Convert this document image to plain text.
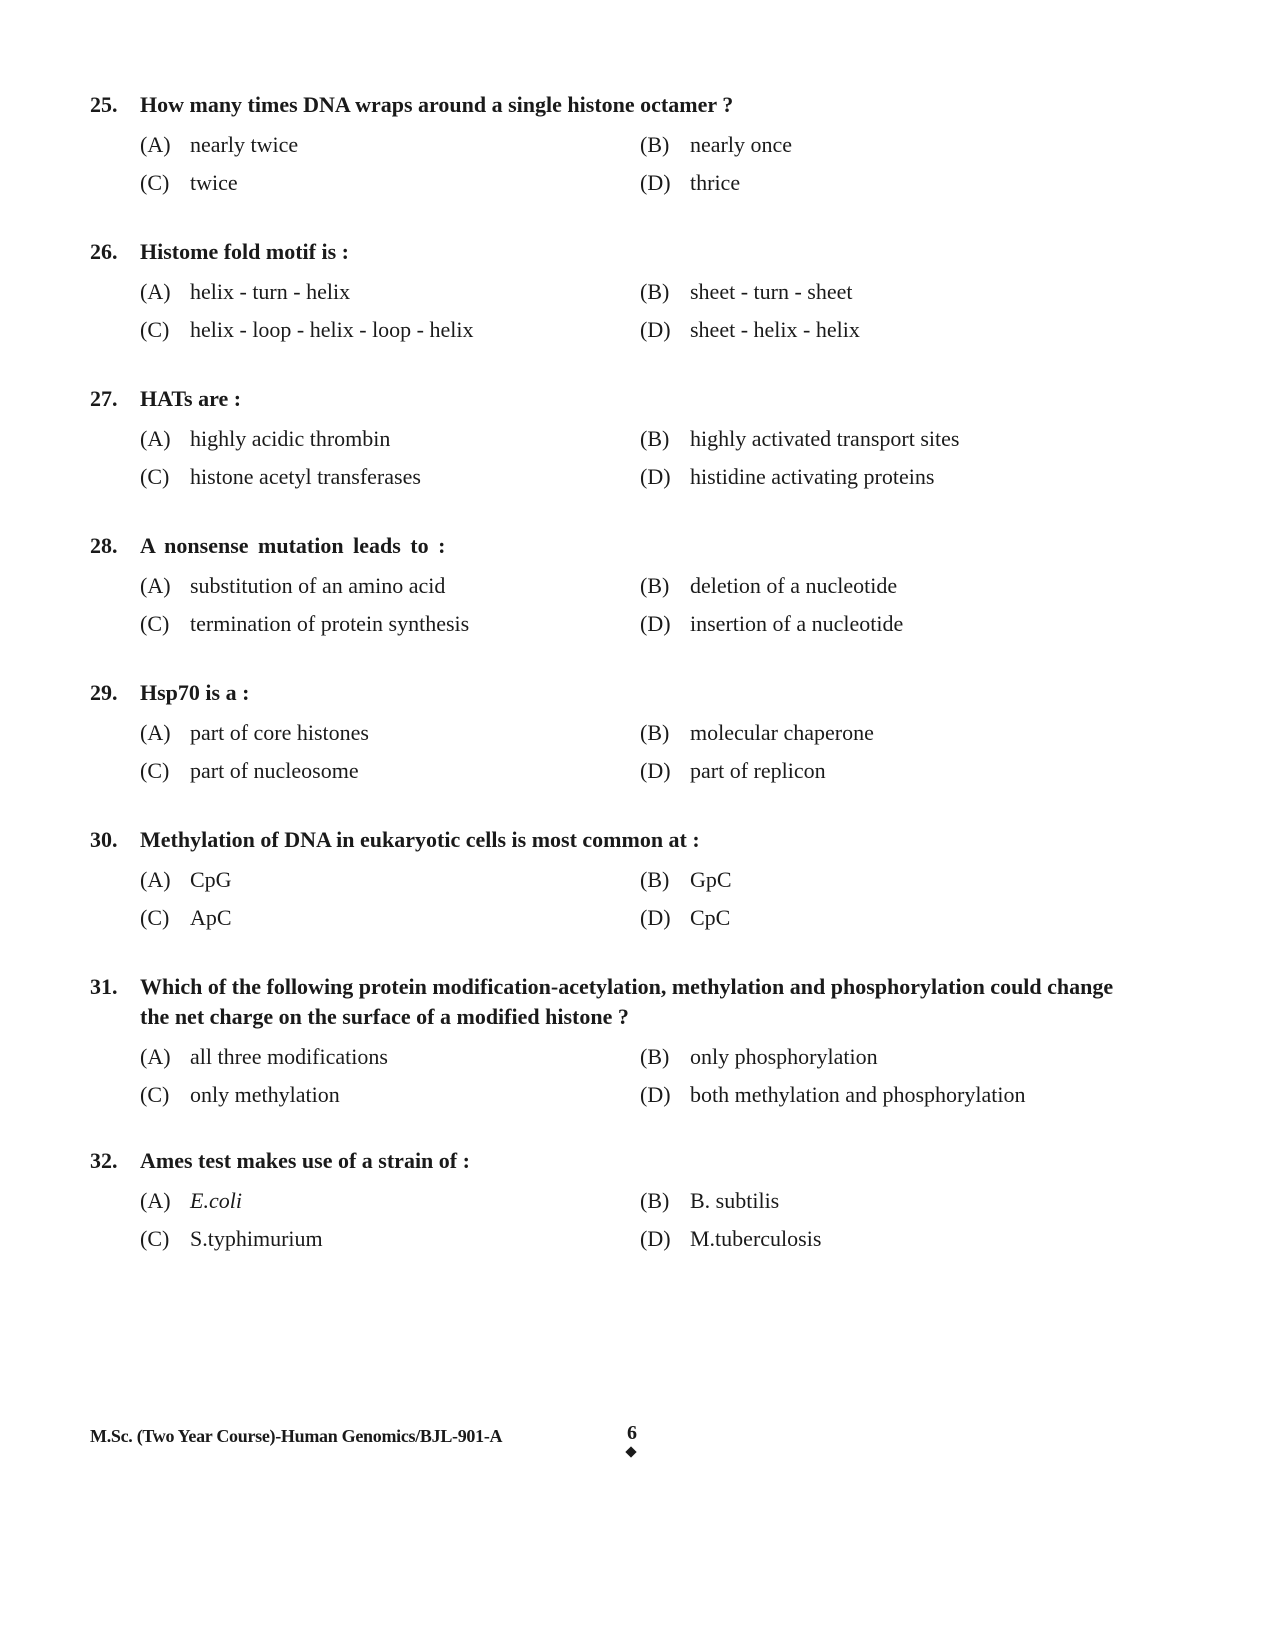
25.	How many times DNA wraps around a single histone octamer ?
(A) nearly twice	(B) nearly once
(C) twice	(D) thrice
26.	Histome fold motif is :
(A) helix - turn - helix	(B) sheet - turn - sheet
(C) helix - loop - helix - loop - helix	(D) sheet - helix - helix
27.	HATs are :
(A) highly acidic thrombin	(B) highly activated transport sites
(C) histone acetyl transferases	(D) histidine activating proteins
28.	A nonsense mutation leads to :
(A) substitution of an amino acid	(B) deletion of a nucleotide
(C) termination of protein synthesis	(D) insertion of a nucleotide
29.	Hsp70 is a :
(A) part of core histones	(B) molecular chaperone
(C) part of nucleosome	(D) part of replicon
30.	Methylation of DNA in eukaryotic cells is most common at :
(A) CpG	(B) GpC
(C) ApC	(D) CpC
31.	Which of the following protein modification-acetylation, methylation and phosphorylation could change the net charge on the surface of a modified histone ?
(A) all three modifications	(B) only phosphorylation
(C) only methylation	(D) both methylation and phosphorylation
32.	Ames test makes use of a strain of :
(A) E.coli	(B) B. subtilis
(C) S.typhimurium	(D) M.tuberculosis
M.Sc. (Two Year Course)-Human Genomics/BJL-901-A	6
